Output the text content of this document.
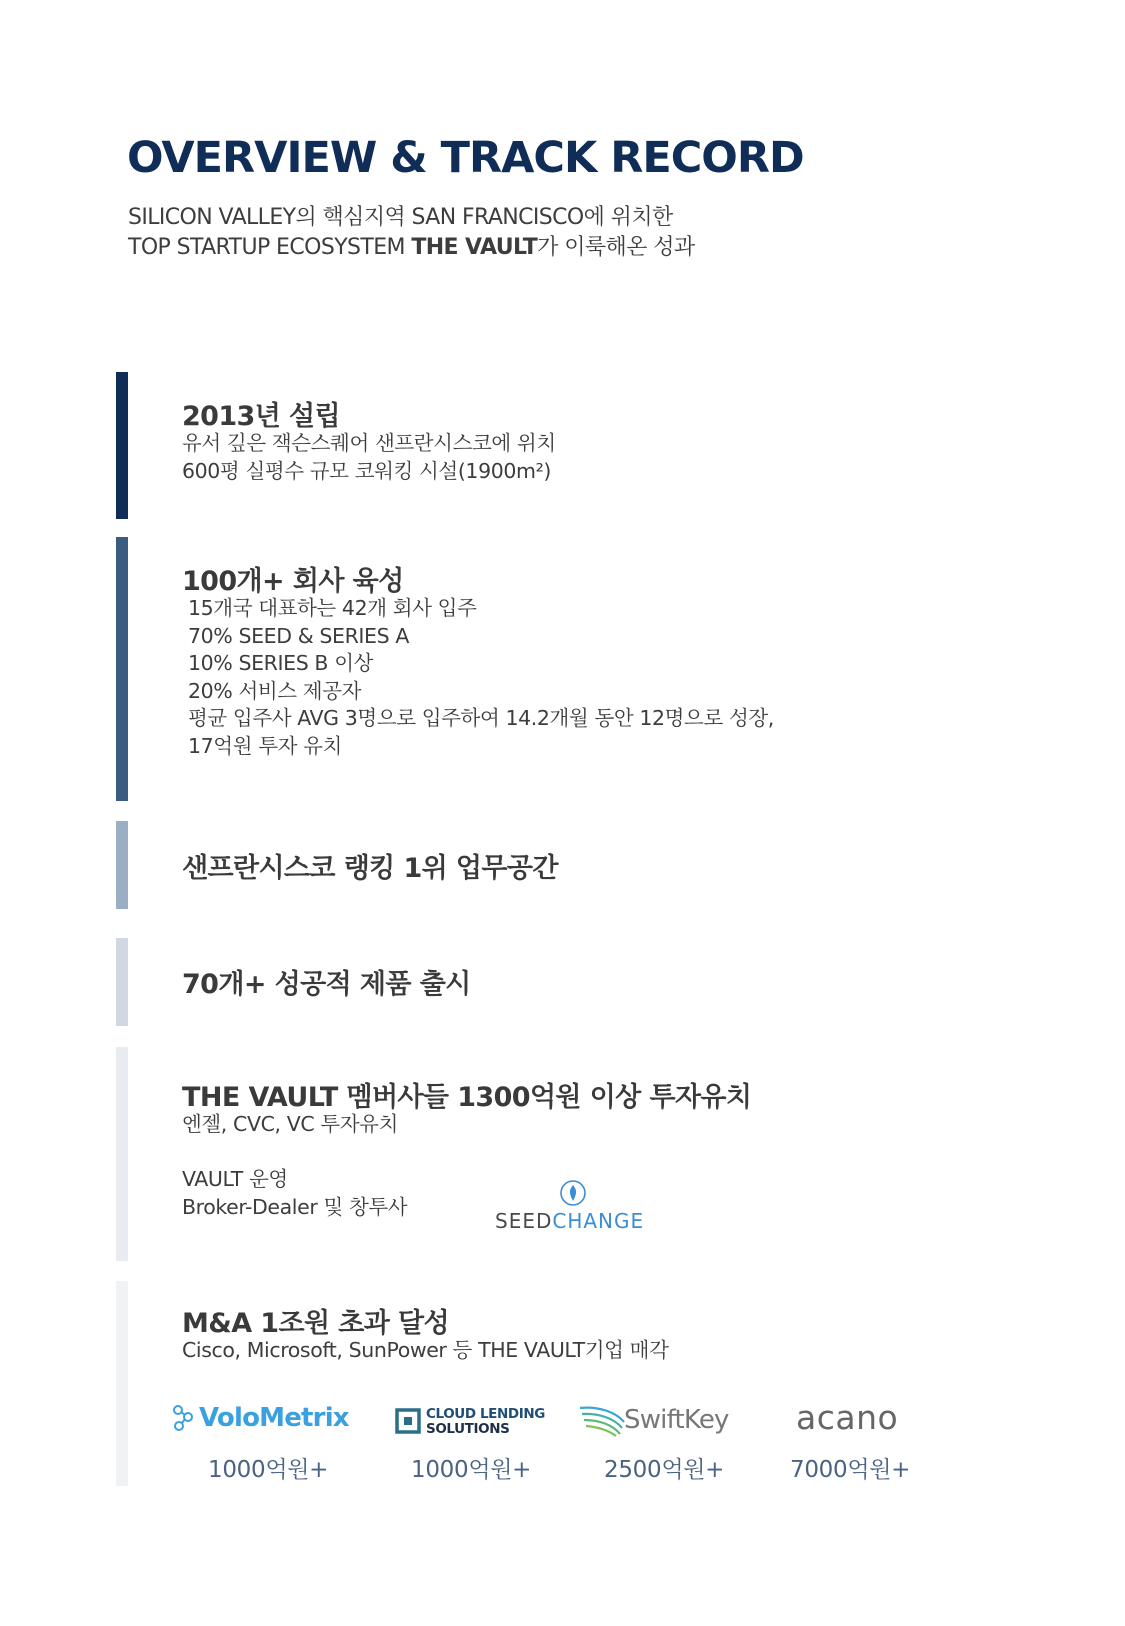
OVERVIEW & TRACK RECORD
SILICON VALLEY의 핵심지역 SAN FRANCISCO에 위치한
TOP STARTUP ECOSYSTEM THE VAULT가 이룩해온 성과
2013년 설립
유서 깊은 잭슨스퀘어 샌프란시스코에 위치
600평 실평수 규모 코워킹 시설(1900m²)
100개+ 회사 육성
15개국 대표하는 42개 회사 입주
70% SEED & SERIES A
10% SERIES B 이상
20% 서비스 제공자
평균 입주사 AVG 3명으로 입주하여 14.2개월 동안 12명으로 성장,
17억원 투자 유치
샌프란시스코 랭킹 1위 업무공간
70개+ 성공적 제품 출시
THE VAULT 멤버사들 1300억원 이상 투자유치
엔젤, CVC, VC 투자유치
VAULT 운영
Broker-Dealer 및 창투사
SEEDCHANGE
M&A 1조원 초과 달성
Cisco, Microsoft, SunPower 등 THE VAULT기업 매각
VoloMetrix
1000억원+
CLOUD LENDING
SOLUTIONS
1000억원+
SwiftKey
2500억원+
acano
7000억원+
